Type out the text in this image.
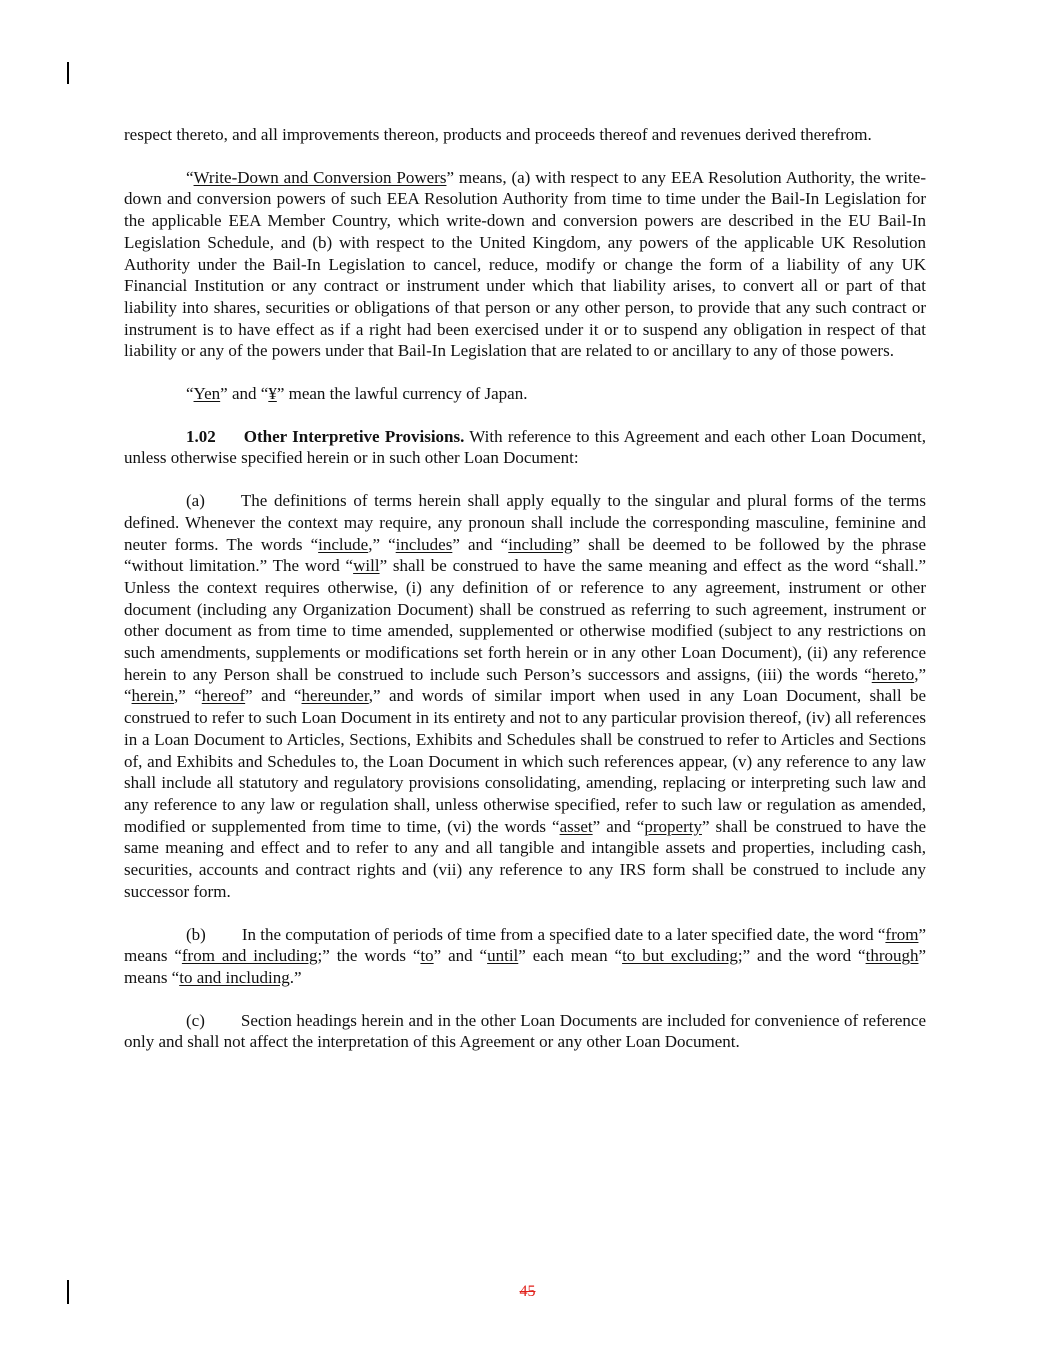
respect thereto, and all improvements thereon, products and proceeds thereof and revenues derived therefrom.

“Write-Down and Conversion Powers” means, (a) with respect to any EEA Resolution Authority, the write-down and conversion powers of such EEA Resolution Authority from time to time under the Bail-In Legislation for the applicable EEA Member Country, which write-down and conversion powers are described in the EU Bail-In Legislation Schedule, and (b) with respect to the United Kingdom, any powers of the applicable UK Resolution Authority under the Bail-In Legislation to cancel, reduce, modify or change the form of a liability of any UK Financial Institution or any contract or instrument under which that liability arises, to convert all or part of that liability into shares, securities or obligations of that person or any other person, to provide that any such contract or instrument is to have effect as if a right had been exercised under it or to suspend any obligation in respect of that liability or any of the powers under that Bail-In Legislation that are related to or ancillary to any of those powers.

“Yen” and “¥” mean the lawful currency of Japan.

1.02 Other Interpretive Provisions. With reference to this Agreement and each other Loan Document, unless otherwise specified herein or in such other Loan Document:

(a) The definitions of terms herein shall apply equally to the singular and plural forms of the terms defined. Whenever the context may require, any pronoun shall include the corresponding masculine, feminine and neuter forms. The words “include,” “includes” and “including” shall be deemed to be followed by the phrase “without limitation.” The word “will” shall be construed to have the same meaning and effect as the word “shall.” Unless the context requires otherwise, (i) any definition of or reference to any agreement, instrument or other document (including any Organization Document) shall be construed as referring to such agreement, instrument or other document as from time to time amended, supplemented or otherwise modified (subject to any restrictions on such amendments, supplements or modifications set forth herein or in any other Loan Document), (ii) any reference herein to any Person shall be construed to include such Person’s successors and assigns, (iii) the words “hereto,” “herein,” “hereof” and “hereunder,” and words of similar import when used in any Loan Document, shall be construed to refer to such Loan Document in its entirety and not to any particular provision thereof, (iv) all references in a Loan Document to Articles, Sections, Exhibits and Schedules shall be construed to refer to Articles and Sections of, and Exhibits and Schedules to, the Loan Document in which such references appear, (v) any reference to any law shall include all statutory and regulatory provisions consolidating, amending, replacing or interpreting such law and any reference to any law or regulation shall, unless otherwise specified, refer to such law or regulation as amended, modified or supplemented from time to time, (vi) the words “asset” and “property” shall be construed to have the same meaning and effect and to refer to any and all tangible and intangible assets and properties, including cash, securities, accounts and contract rights and (vii) any reference to any IRS form shall be construed to include any successor form.

(b) In the computation of periods of time from a specified date to a later specified date, the word “from” means “from and including;” the words “to” and “until” each mean “to but excluding;” and the word “through” means “to and including.”

(c) Section headings herein and in the other Loan Documents are included for convenience of reference only and shall not affect the interpretation of this Agreement or any other Loan Document.

45
